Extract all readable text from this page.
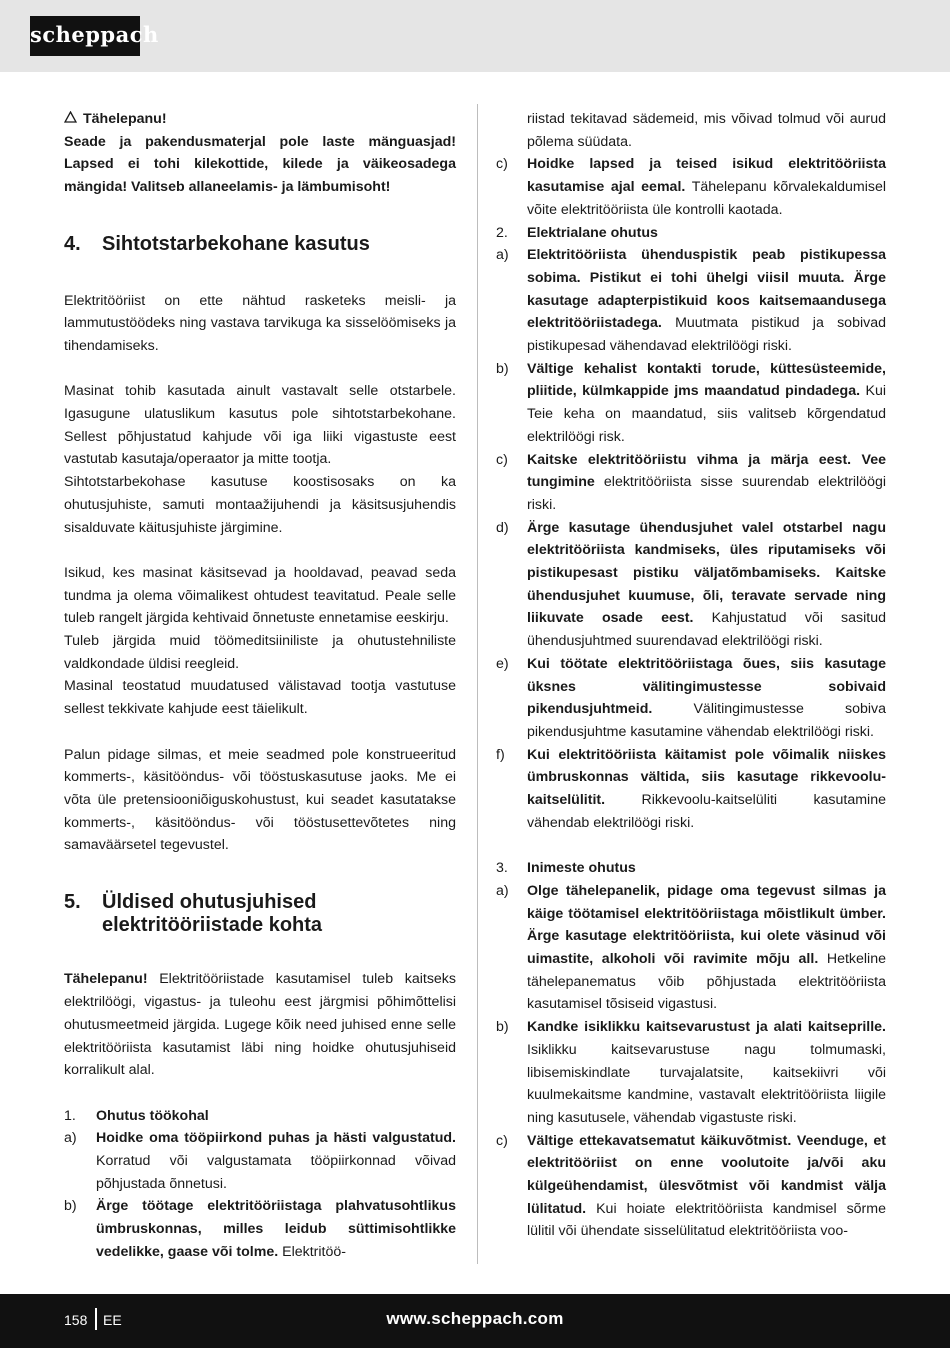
scheppach

Tähelepanu!

Seade ja pakendusmaterjal pole laste mänguasjad! Lapsed ei tohi kilekottide, kilede ja väikeosadega mängida! Valitseb allaneelamis- ja lämbumisoht!

4.	Sihtotstarbekohane kasutus

Elektritööriist on ette nähtud rasketeks meisli- ja lammutustöödeks ning vastava tarvikuga ka sisselöömiseks ja tihendamiseks.

Masinat tohib kasutada ainult vastavalt selle otstarbele. Igasugune ulatuslikum kasutus pole sihtotstarbekohane. Sellest põhjustatud kahjude või iga liiki vigastuste eest vastutab kasutaja/operaator ja mitte tootja.

Sihtotstarbekohase kasutuse koostisosaks on ka ohutusjuhiste, samuti montaažijuhendi ja käsitsusjuhendis sisalduvate käitusjuhiste järgimine.

Isikud, kes masinat käsitsevad ja hooldavad, peavad seda tundma ja olema võimalikest ohtudest teavitatud. Peale selle tuleb rangelt järgida kehtivaid õnnetuste ennetamise eeskirju.

Tuleb järgida muid töömeditsiiniliste ja ohutustehniliste valdkondade üldisi reegleid.

Masinal teostatud muudatused välistavad tootja vastutuse sellest tekkivate kahjude eest täielikult.

Palun pidage silmas, et meie seadmed pole konstrueeritud kommerts-, käsitööndus- või tööstuskasutuse jaoks. Me ei võta üle pretensiooniõiguskohustust, kui seadet kasutatakse kommerts-, käsitööndus- või tööstusettevõtetes ning samaväärsetel tegevustel.

5.	Üldised ohutusjuhised elektritööriistade kohta

Tähelepanu! Elektritööriistade kasutamisel tuleb kaitseks elektrilöögi, vigastus- ja tuleohu eest järgmisi põhimõttelisi ohutusmeetmeid järgida. Lugege kõik need juhised enne selle elektritööriista kasutamist läbi ning hoidke ohutusjuhiseid korralikult alal.

1.	Ohutus töökohal
a)	Hoidke oma tööpiirkond puhas ja hästi valgustatud. Korratud või valgustamata tööpiirkonnad võivad põhjustada õnnetusi.
b)	Ärge töötage elektritööriistaga plahvatusohtlikus ümbruskonnas, milles leidub süttimisohtlikke vedelikke, gaase või tolme. Elektritöö-

riistad tekitavad sädemeid, mis võivad tolmud või aurud põlema süüdata.

c)	Hoidke lapsed ja teised isikud elektritööriista kasutamise ajal eemal. Tähelepanu kõrvalekaldumisel võite elektritööriista üle kontrolli kaotada.
2.	Elektrialane ohutus
a)	Elektritööriista ühenduspistik peab pistikupessa sobima. Pistikut ei tohi ühelgi viisil muuta. Ärge kasutage adapterpistikuid koos kaitsemaandusega elektritööriistadega. Muutmata pistikud ja sobivad pistikupesad vähendavad elektrilöögi riski.
b)	Vältige kehalist kontakti torude, küttesüsteemide, pliitide, külmkappide jms maandatud pindadega. Kui Teie keha on maandatud, siis valitseb kõrgendatud elektrilöögi risk.
c)	Kaitske elektritööriistu vihma ja märja eest. Vee tungimine elektritööriista sisse suurendab elektrilöögi riski.
d)	Ärge kasutage ühendusjuhet valel otstarbel nagu elektritööriista kandmiseks, üles riputamiseks või pistikupesast pistiku väljatõmbamiseks. Kaitske ühendusjuhet kuumuse, õli, teravate servade ning liikuvate osade eest. Kahjustatud või sasitud ühendusjuhtmed suurendavad elektrilöögi riski.
e)	Kui töötate elektritööriistaga õues, siis kasutage üksnes välitingimustesse sobivaid pikendusjuhtmeid. Välitingimustesse sobiva pikendusjuhtme kasutamine vähendab elektrilöögi riski.
f)	Kui elektritööriista käitamist pole võimalik niiskes ümbruskonnas vältida, siis kasutage rikkevoolu-kaitselülitit. Rikkevoolu-kaitselüliti kasutamine vähendab elektrilöögi riski.
3.	Inimeste ohutus
a)	Olge tähelepanelik, pidage oma tegevust silmas ja käige töötamisel elektritööriistaga mõistlikult ümber. Ärge kasutage elektritööriista, kui olete väsinud või uimastite, alkoholi või ravimite mõju all. Hetkeline tähelepanematus võib põhjustada elektritööriista kasutamisel tõsiseid vigastusi.
b)	Kandke isiklikku kaitsevarustust ja alati kaitseprille. Isiklikku kaitsevarustuse nagu tolmumaski, libisemiskindlate turvajalatsite, kaitsekiivri või kuulmekaitsme kandmine, vastavalt elektritööriista liigile ning kasutusele, vähendab vigastuste riski.
c)	Vältige ettekavatsematut käikuvõtmist. Veenduge, et elektritööriist on enne voolutoite ja/või aku külgeühendamist, ülesvõtmist või kandmist välja lülitatud. Kui hoiate elektritööriista kandmisel sõrme lülitil või ühendate sisselülitatud elektritööriista voo-
158 EE	www.scheppach.com
